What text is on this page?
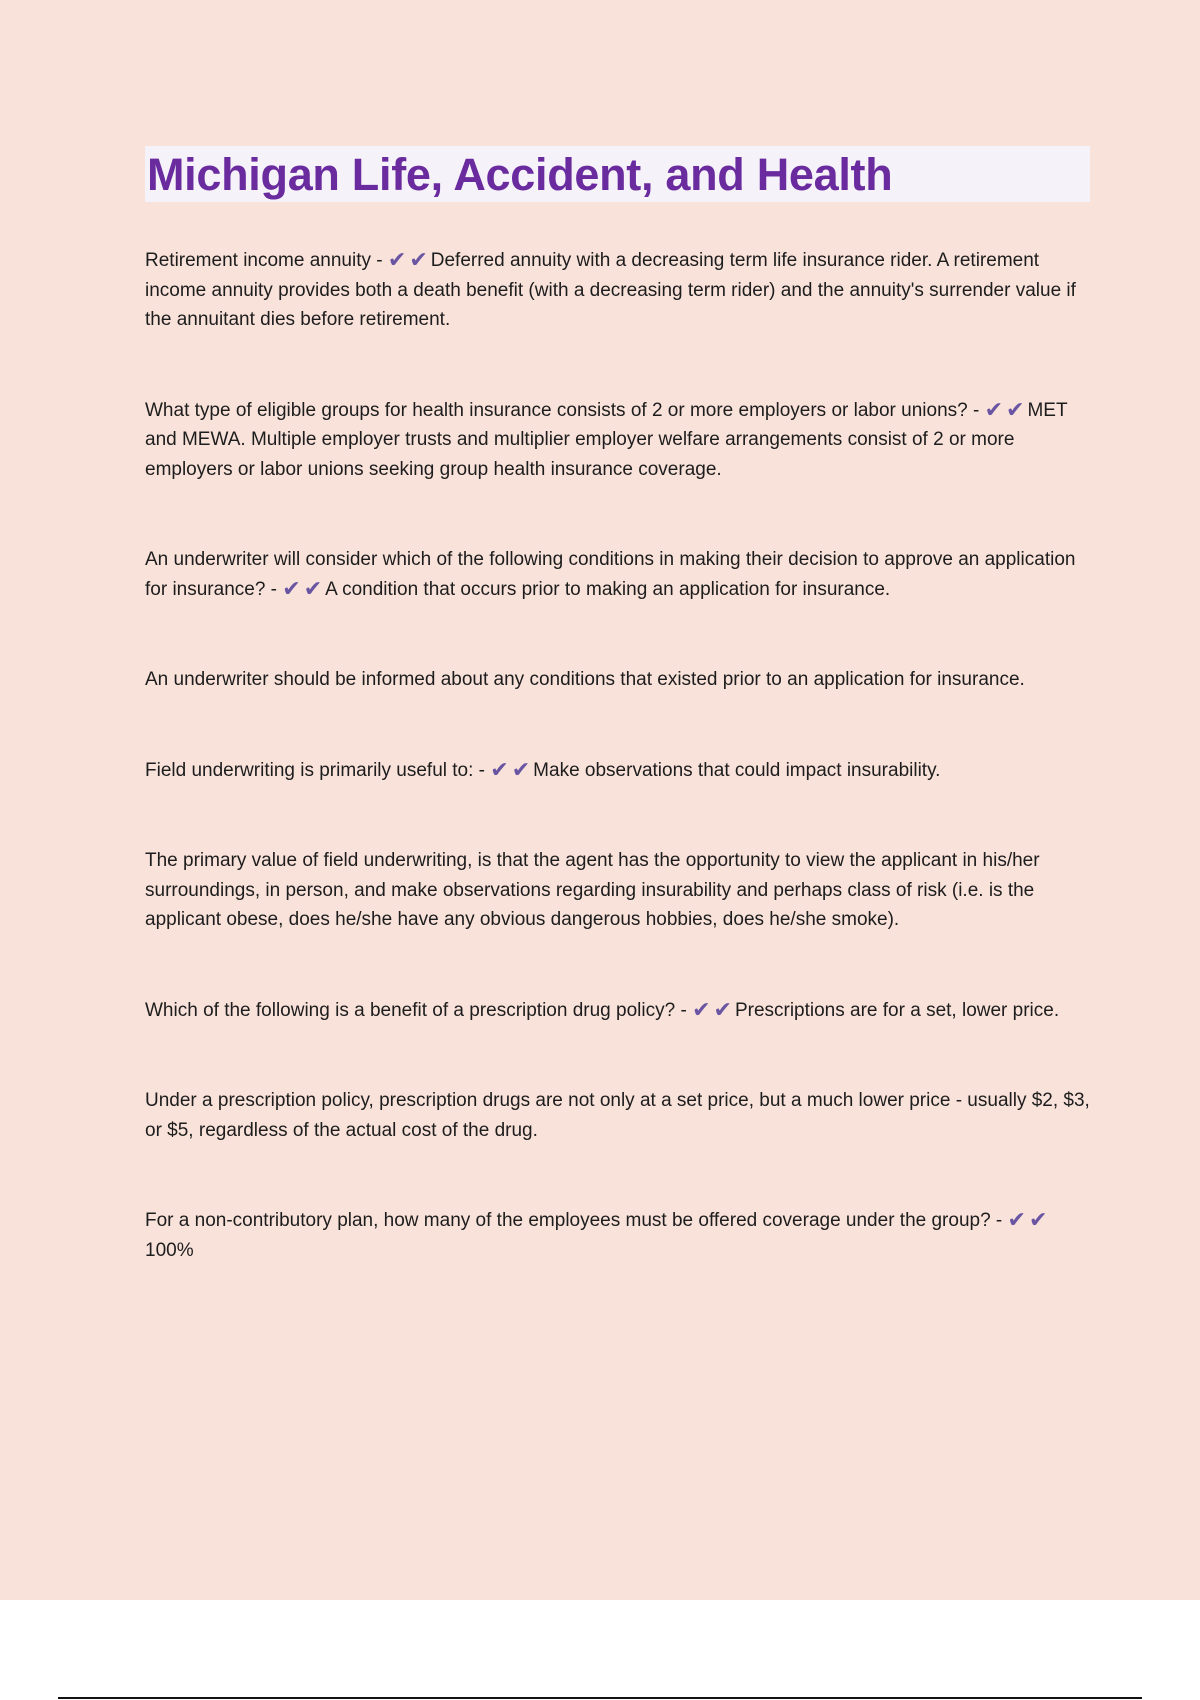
Michigan Life, Accident, and Health

Retirement income annuity - ✔ ✔ Deferred annuity with a decreasing term life insurance rider. A retirement income annuity provides both a death benefit (with a decreasing term rider) and the annuity's surrender value if the annuitant dies before retirement.

What type of eligible groups for health insurance consists of 2 or more employers or labor unions? - ✔ ✔ MET and MEWA. Multiple employer trusts and multiplier employer welfare arrangements consist of 2 or more employers or labor unions seeking group health insurance coverage.

An underwriter will consider which of the following conditions in making their decision to approve an application for insurance? - ✔ ✔ A condition that occurs prior to making an application for insurance.

An underwriter should be informed about any conditions that existed prior to an application for insurance.

Field underwriting is primarily useful to: - ✔ ✔ Make observations that could impact insurability.

The primary value of field underwriting, is that the agent has the opportunity to view the applicant in his/her surroundings, in person, and make observations regarding insurability and perhaps class of risk (i.e. is the applicant obese, does he/she have any obvious dangerous hobbies, does he/she smoke).

Which of the following is a benefit of a prescription drug policy? - ✔ ✔ Prescriptions are for a set, lower price.

Under a prescription policy, prescription drugs are not only at a set price, but a much lower price - usually $2, $3, or $5, regardless of the actual cost of the drug.

For a non-contributory plan, how many of the employees must be offered coverage under the group? - ✔ ✔100%
